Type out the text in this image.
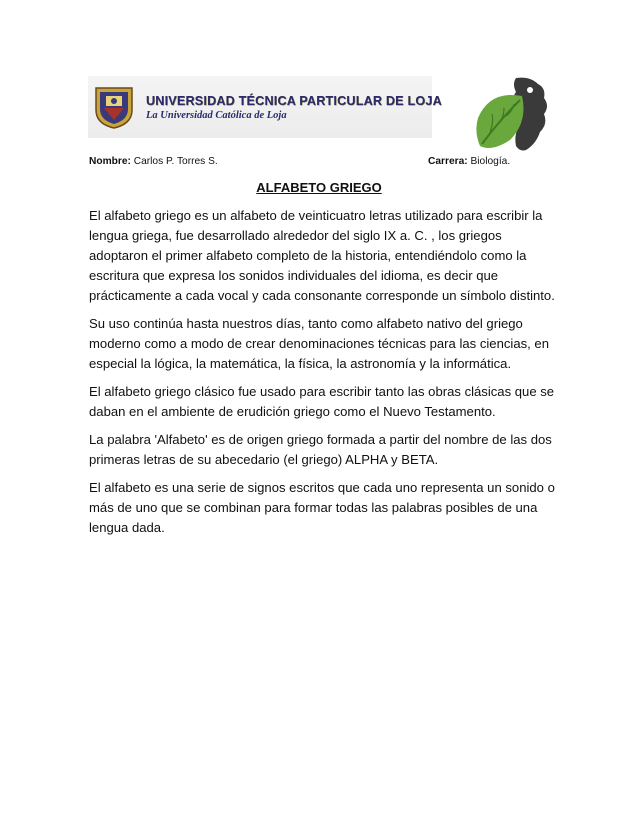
UNIVERSIDAD TÉCNICA PARTICULAR DE LOJA
La Universidad Católica de Loja
Nombre: Carlos P. Torres S.	Carrera: Biología.
ALFABETO GRIEGO

El alfabeto griego es un alfabeto de veinticuatro letras utilizado para escribir la lengua griega, fue desarrollado alrededor del siglo IX a. C. , los griegos adoptaron el primer alfabeto completo de la historia, entendiéndolo como la escritura que expresa los sonidos individuales del idioma, es decir que prácticamente a cada vocal y cada consonante corresponde un símbolo distinto.

Su uso continúa hasta nuestros días, tanto como alfabeto nativo del griego moderno como a modo de crear denominaciones técnicas para las ciencias, en especial la lógica, la matemática, la física, la astronomía y la informática.

El alfabeto griego clásico fue usado para escribir tanto las obras clásicas que se daban en el ambiente de erudición griego como el Nuevo Testamento.

La palabra 'Alfabeto' es de origen griego formada a partir del nombre de las dos primeras letras de su abecedario (el griego) ALPHA y BETA.

El alfabeto es una serie de signos escritos que cada uno representa un sonido o más de uno que se combinan para formar todas las palabras posibles de una lengua dada.
